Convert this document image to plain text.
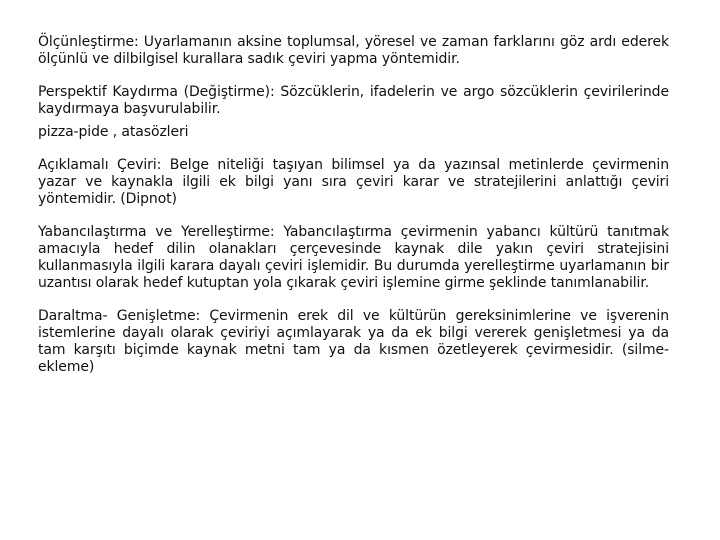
Ölçünleştirme: Uyarlamanın aksine toplumsal, yöresel ve zaman farklarını göz ardı ederek ölçünlü ve dilbilgisel kurallara sadık çeviri yapma yöntemidir.

Perspektif Kaydırma (Değiştirme): Sözcüklerin, ifadelerin ve argo sözcüklerin çevirilerinde kaydırmaya başvurulabilir.

pizza-pide , atasözleri

Açıklamalı Çeviri: Belge niteliği taşıyan bilimsel ya da yazınsal metinlerde çevirmenin yazar ve kaynakla ilgili ek bilgi yanı sıra çeviri karar ve stratejilerini anlattığı çeviri yöntemidir. (Dipnot)

Yabancılaştırma ve Yerelleştirme: Yabancılaştırma çevirmenin yabancı kültürü tanıtmak amacıyla hedef dilin olanakları çerçevesinde kaynak dile yakın çeviri stratejisini kullanmasıyla ilgili karara dayalı çeviri işlemidir. Bu durumda yerelleştirme uyarlamanın bir uzantısı olarak hedef kutuptan yola çıkarak çeviri işlemine girme şeklinde tanımlanabilir.

Daraltma- Genişletme: Çevirmenin erek dil ve kültürün gereksinimlerine ve işverenin istemlerine dayalı olarak çeviriyi açımlayarak ya da ek bilgi vererek genişletmesi ya da tam karşıtı biçimde kaynak metni tam ya da kısmen özetleyerek çevirmesidir. (silme-ekleme)
